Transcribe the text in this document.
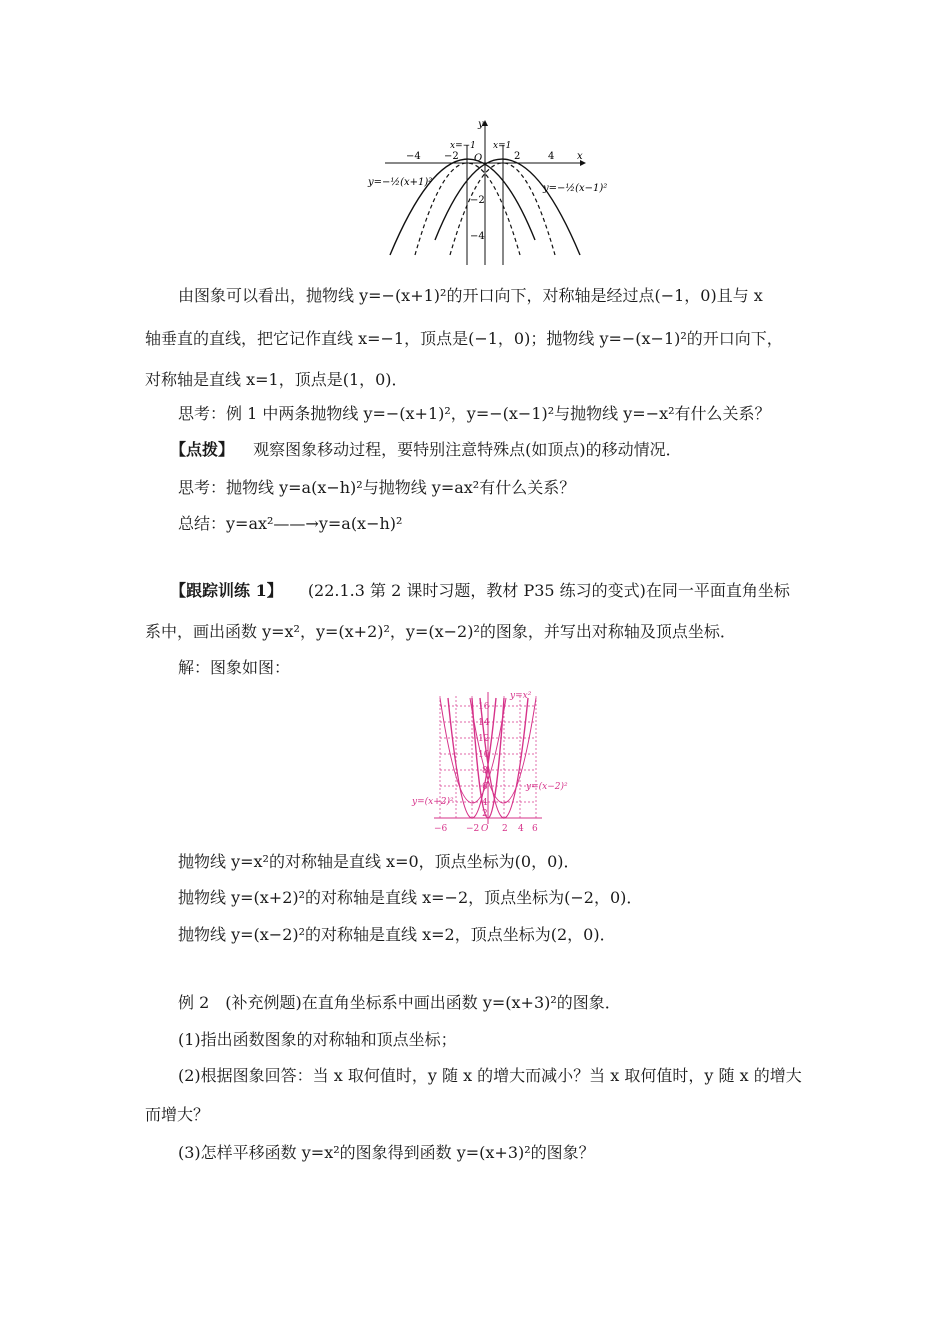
x
y
O
−4 −2	2	4
−2
−4
x=−1 x=1
y=−½(x+1)²
y=−½(x−1)²
由图象可以看出，抛物线 y=−(x+1)²的开口向下，对称轴是经过点(−1，0)且与 x
轴垂直的直线，把它记作直线 x=−1，顶点是(−1，0)；抛物线 y=−(x−1)²的开口向下，
对称轴是直线 x=1，顶点是(1，0)．
思考：例 1 中两条抛物线 y=−(x+1)²，y=−(x−1)²与抛物线 y=−x²有什么关系？
【点拨】 观察图象移动过程，要特别注意特殊点(如顶点)的移动情况．
思考：抛物线 y=a(x−h)²与抛物线 y=ax²有什么关系？
总结：y=ax²——→y=a(x−h)²
【跟踪训练 1】 (22.1.3 第 2 课时习题，教材 P35 练习的变式)在同一平面直角坐标
系中，画出函数 y=x²，y=(x+2)²，y=(x−2)²的图象，并写出对称轴及顶点坐标．
解：图象如图：
16
14
12
10
8
6
4
2
−6 −2 O 2 4 6
y=x²
y=(x+2)²
y=(x−2)²
抛物线 y=x²的对称轴是直线 x=0，顶点坐标为(0，0)．
抛物线 y=(x+2)²的对称轴是直线 x=−2，顶点坐标为(−2，0)．
抛物线 y=(x−2)²的对称轴是直线 x=2，顶点坐标为(2，0)．
例 2　(补充例题)在直角坐标系中画出函数 y=(x+3)²的图象．
(1)指出函数图象的对称轴和顶点坐标；
(2)根据图象回答：当 x 取何值时，y 随 x 的增大而减小？当 x 取何值时，y 随 x 的增大
而增大？
(3)怎样平移函数 y=x²的图象得到函数 y=(x+3)²的图象？
